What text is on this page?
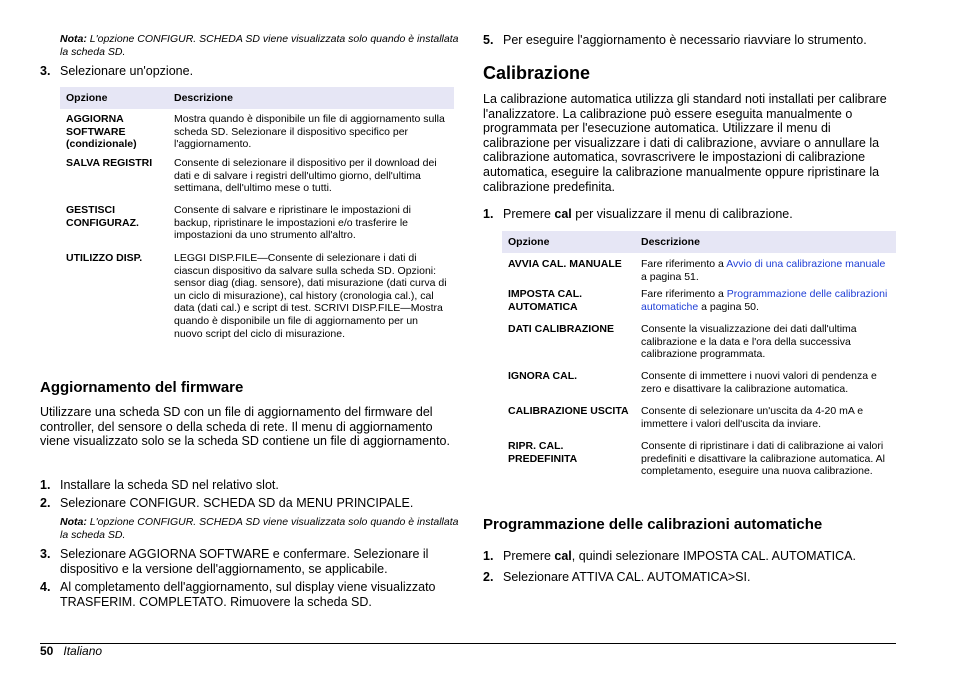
Nota: L'opzione CONFIGUR. SCHEDA SD viene visualizzata solo quando è installata la scheda SD.
3. Selezionare un'opzione.
Opzione	Descrizione
AGGIORNA SOFTWARE (condizionale)	Mostra quando è disponibile un file di aggiornamento sulla scheda SD. Selezionare il dispositivo specifico per l'aggiornamento.
SALVA REGISTRI	Consente di selezionare il dispositivo per il download dei dati e di salvare i registri dell'ultimo giorno, dell'ultima settimana, dell'ultimo mese o tutti.
GESTISCI CONFIGURAZ.	Consente di salvare e ripristinare le impostazioni di backup, ripristinare le impostazioni e/o trasferire le impostazioni da uno strumento all'altro.
UTILIZZO DISP.	LEGGI DISP.FILE—Consente di selezionare i dati di ciascun dispositivo da salvare sulla scheda SD. Opzioni: sensor diag (diag. sensore), dati misurazione (dati curva di un ciclo di misurazione), cal history (cronologia cal.), cal data (dati cal.) e script di test. SCRIVI DISP.FILE—Mostra quando è disponibile un file di aggiornamento per un nuovo script del ciclo di misurazione.
Aggiornamento del firmware
Utilizzare una scheda SD con un file di aggiornamento del firmware del controller, del sensore o della scheda di rete. Il menu di aggiornamento viene visualizzato solo se la scheda SD contiene un file di aggiornamento.
1. Installare la scheda SD nel relativo slot.
2. Selezionare CONFIGUR. SCHEDA SD da MENU PRINCIPALE.
Nota: L'opzione CONFIGUR. SCHEDA SD viene visualizzata solo quando è installata la scheda SD.
3. Selezionare AGGIORNA SOFTWARE e confermare. Selezionare il dispositivo e la versione dell'aggiornamento, se applicabile.
4. Al completamento dell'aggiornamento, sul display viene visualizzato TRASFERIM. COMPLETATO. Rimuovere la scheda SD.
5. Per eseguire l'aggiornamento è necessario riavviare lo strumento.
Calibrazione
La calibrazione automatica utilizza gli standard noti installati per calibrare l'analizzatore. La calibrazione può essere eseguita manualmente o programmata per l'esecuzione automatica. Utilizzare il menu di calibrazione per visualizzare i dati di calibrazione, avviare o annullare la calibrazione automatica, sovrascrivere le impostazioni di calibrazione automatica, eseguire la calibrazione manualmente oppure ripristinare la calibrazione predefinita.
1. Premere cal per visualizzare il menu di calibrazione.
Opzione	Descrizione
AVVIA CAL. MANUALE	Fare riferimento a Avvio di una calibrazione manuale a pagina 51.
IMPOSTA CAL. AUTOMATICA	Fare riferimento a Programmazione delle calibrazioni automatiche a pagina 50.
DATI CALIBRAZIONE	Consente la visualizzazione dei dati dall'ultima calibrazione e la data e l'ora della successiva calibrazione programmata.
IGNORA CAL.	Consente di immettere i nuovi valori di pendenza e zero e disattivare la calibrazione automatica.
CALIBRAZIONE USCITA	Consente di selezionare un'uscita da 4-20 mA e immettere i valori dell'uscita da inviare.
RIPR. CAL. PREDEFINITA	Consente di ripristinare i dati di calibrazione ai valori predefiniti e disattivare la calibrazione automatica. Al completamento, eseguire una nuova calibrazione.
Programmazione delle calibrazioni automatiche
1. Premere cal, quindi selezionare IMPOSTA CAL. AUTOMATICA.
2. Selezionare ATTIVA CAL. AUTOMATICA>SI.
50 Italiano
